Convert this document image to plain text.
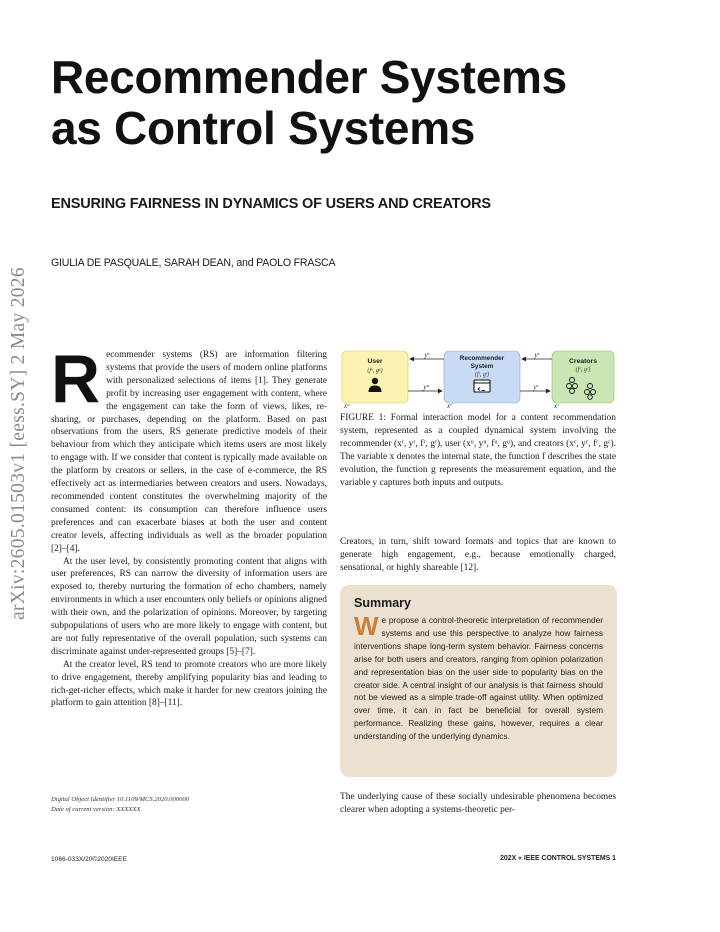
Recommender Systems
as Control Systems
ENSURING FAIRNESS IN DYNAMICS OF USERS AND CREATORS
GIULIA DE PASQUALE, SARAH DEAN, and PAOLO FRASCA
arXiv:2605.01503v1 [eess.SY] 2 May 2026 R ecommender systems (RS) are information filtering systems that provide the users of modern online platforms with personalized selections of items [1]. They generate profit by increasing user engagement with content, where the engagement can take the form of views, likes, re-sharing, or purchases, depending on the platform. Based on past observations from the users, RS generate predictive models of their behaviour from which they anticipate which items users are most likely to engage with. If we consider that content is typically made available on the platform by creators or sellers, in the case of e-commerce, the RS effectively act as intermediaries between creators and users. Nowadays, recommended content constitutes the overwhelming majority of the consumed content: its consumption can therefore influence users preferences and can exacerbate biases at both the user and content creator levels, affecting individuals as well as the broader population [2]–[4].

At the user level, by consistently promoting content that aligns with user preferences, RS can narrow the diversity of information users are exposed to, thereby nurturing the formation of echo chambers, namely environments in which a user encounters only beliefs or opinions aligned with their own, and the polarization of opinions. Moreover, by targeting subpopulations of users who are more likely to engage with content, but are not fully representative of the overall population, such systems can discriminate against under-represented groups [5]–[7].

At the creator level, RS tend to promote creators who are more likely to drive engagement, thereby amplifying popularity bias and leading to rich-get-richer effects, which make it harder for new creators joining the platform to gain attention [8]–[11].

Digital Object Identifier 10.1109/MCS.2020.000000
Date of current version: XXXXXX
User
(fᵘ, gᵘ)
xᵘ
Recommender
System
(fʳ, gʳ)
xʳ
Creators
(fᶜ, gᶜ)
xᶜ
yʳ
yᵘ
yᶜ
yʳ

FIGURE 1: Formal interaction model for a content recommendation system, represented as a coupled dynamical system involving the recommender (xʳ, yʳ, fʳ, gʳ), user (xᵘ, yᵘ, fᵘ, gᵘ), and creators (xᶜ, yᶜ, fᶜ, gᶜ). The variable x denotes the internal state, the function f describes the state evolution, the function g represents the measurement equation, and the variable y captures both inputs and outputs.

Creators, in turn, shift toward formats and topics that are known to generate high engagement, e.g., because emotionally charged, sensational, or highly shareable [12].

Summary

We propose a control-theoretic interpretation of recommender systems and use this perspective to analyze how fairness interventions shape long-term system behavior. Fairness concerns arise for both users and creators, ranging from opinion polarization and representation bias on the user side to popularity bias on the creator side. A central insight of our analysis is that fairness should not be viewed as a simple trade-off against utility. When optimized over time, it can in fact be beneficial for overall system performance. Realizing these gains, however, requires a clear understanding of the underlying dynamics.

The underlying cause of these socially undesirable phenomena becomes clearer when adopting a systems-theoretic per-

1066-033X/20©2020IEEE	202X « IEEE CONTROL SYSTEMS 1
